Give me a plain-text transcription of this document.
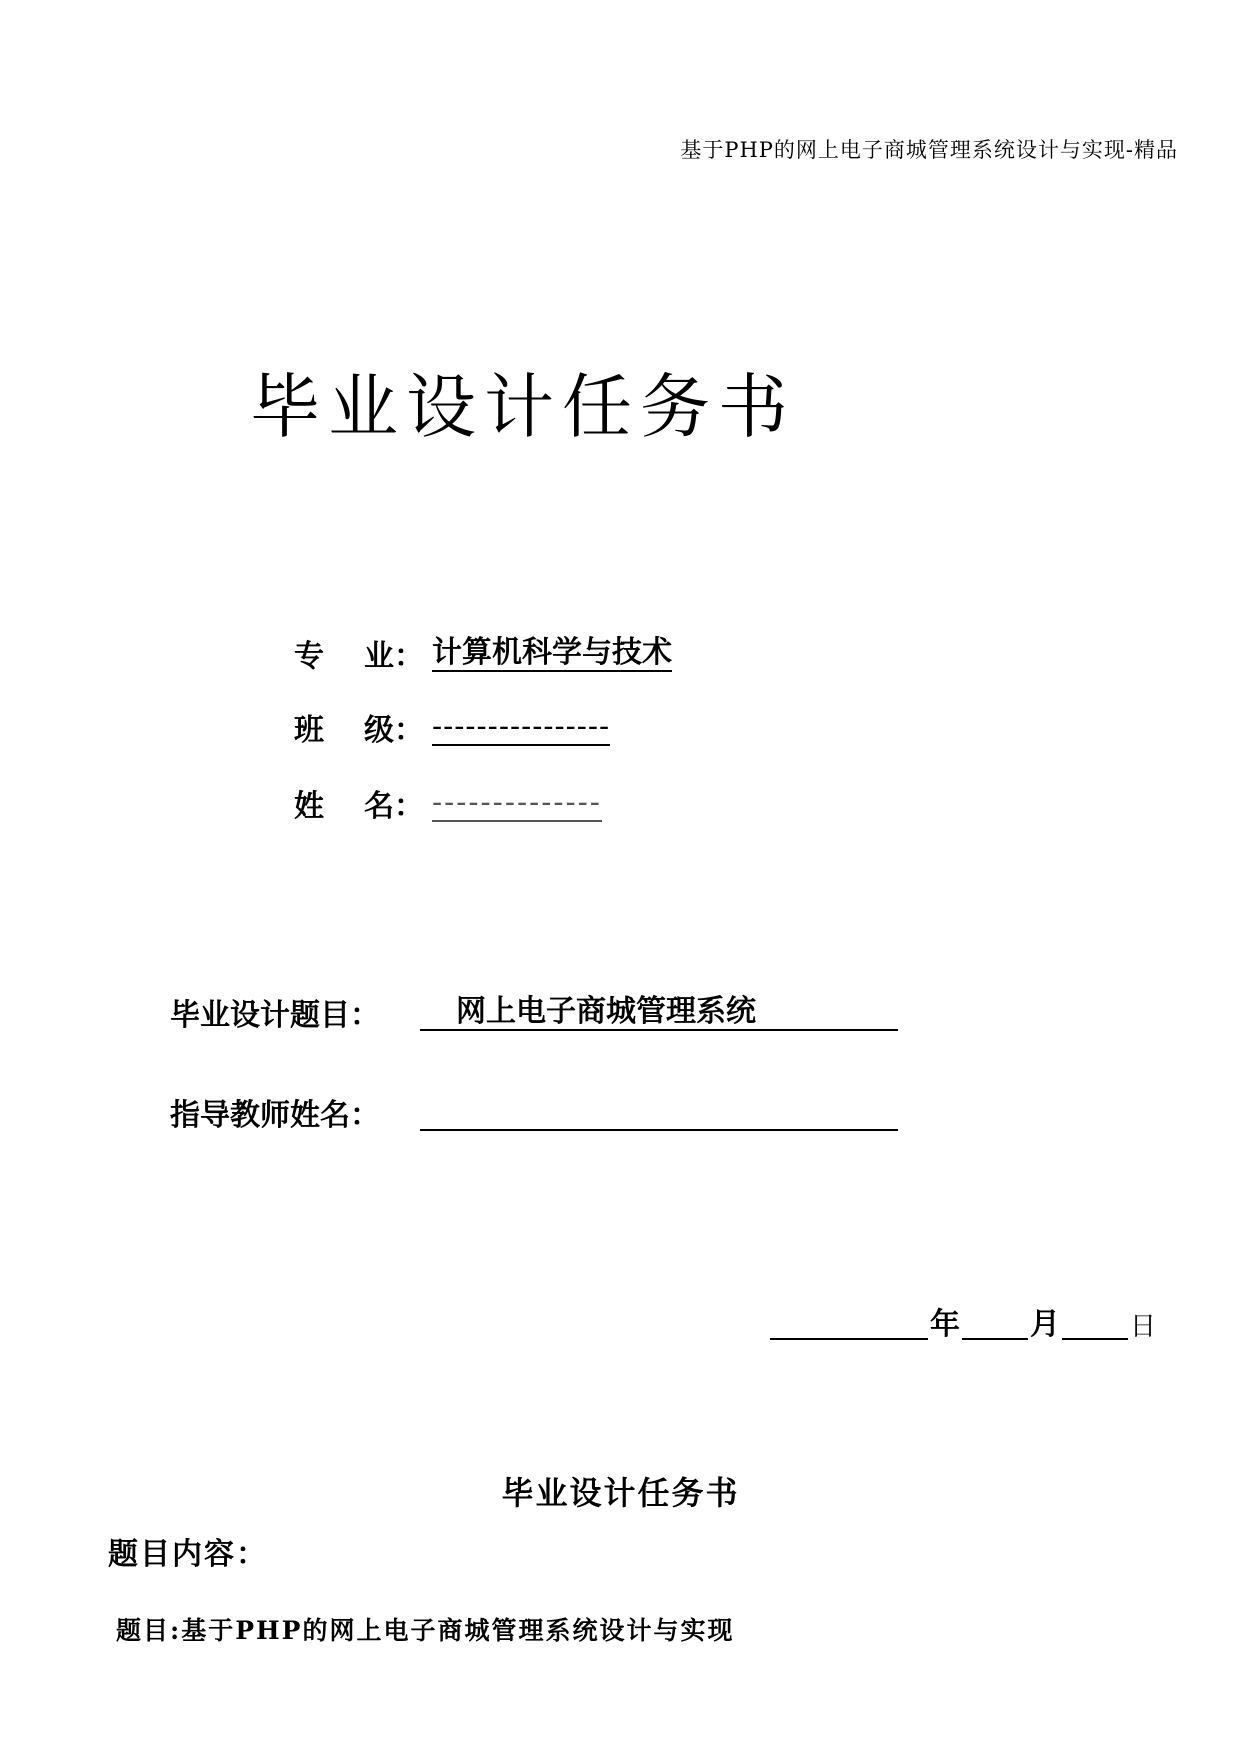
基于PHP的网上电子商城管理系统设计与实现-精品
毕业设计任务书
专 业： 计算机科学与技术
班 级： ----------------
姓 名： --------------
毕业设计题目：	网上电子商城管理系统
指导教师姓名：
年 月	日
毕业设计任务书
题目内容：
题目:基于PHP的网上电子商城管理系统设计与实现
